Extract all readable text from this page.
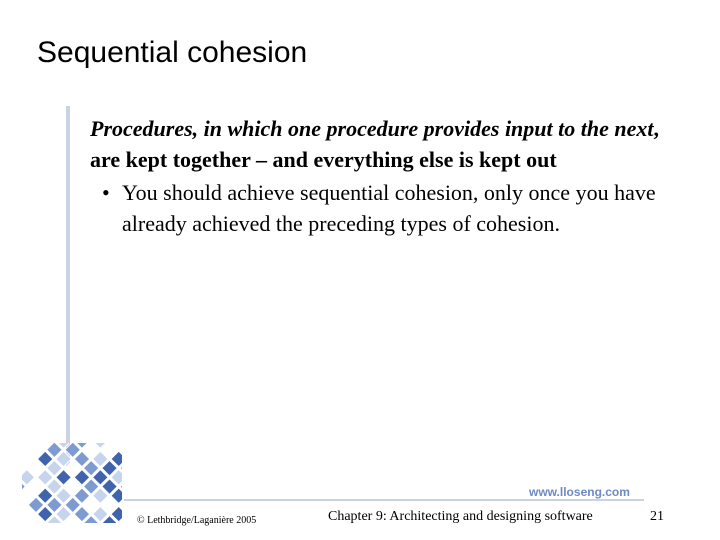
Sequential cohesion
Procedures, in which one procedure provides input to the next, are kept together – and everything else is kept out
• You should achieve sequential cohesion, only once you have already achieved the preceding types of cohesion.
www.lloseng.com
© Lethbridge/Laganière 2005	Chapter 9: Architecting and designing software	21
